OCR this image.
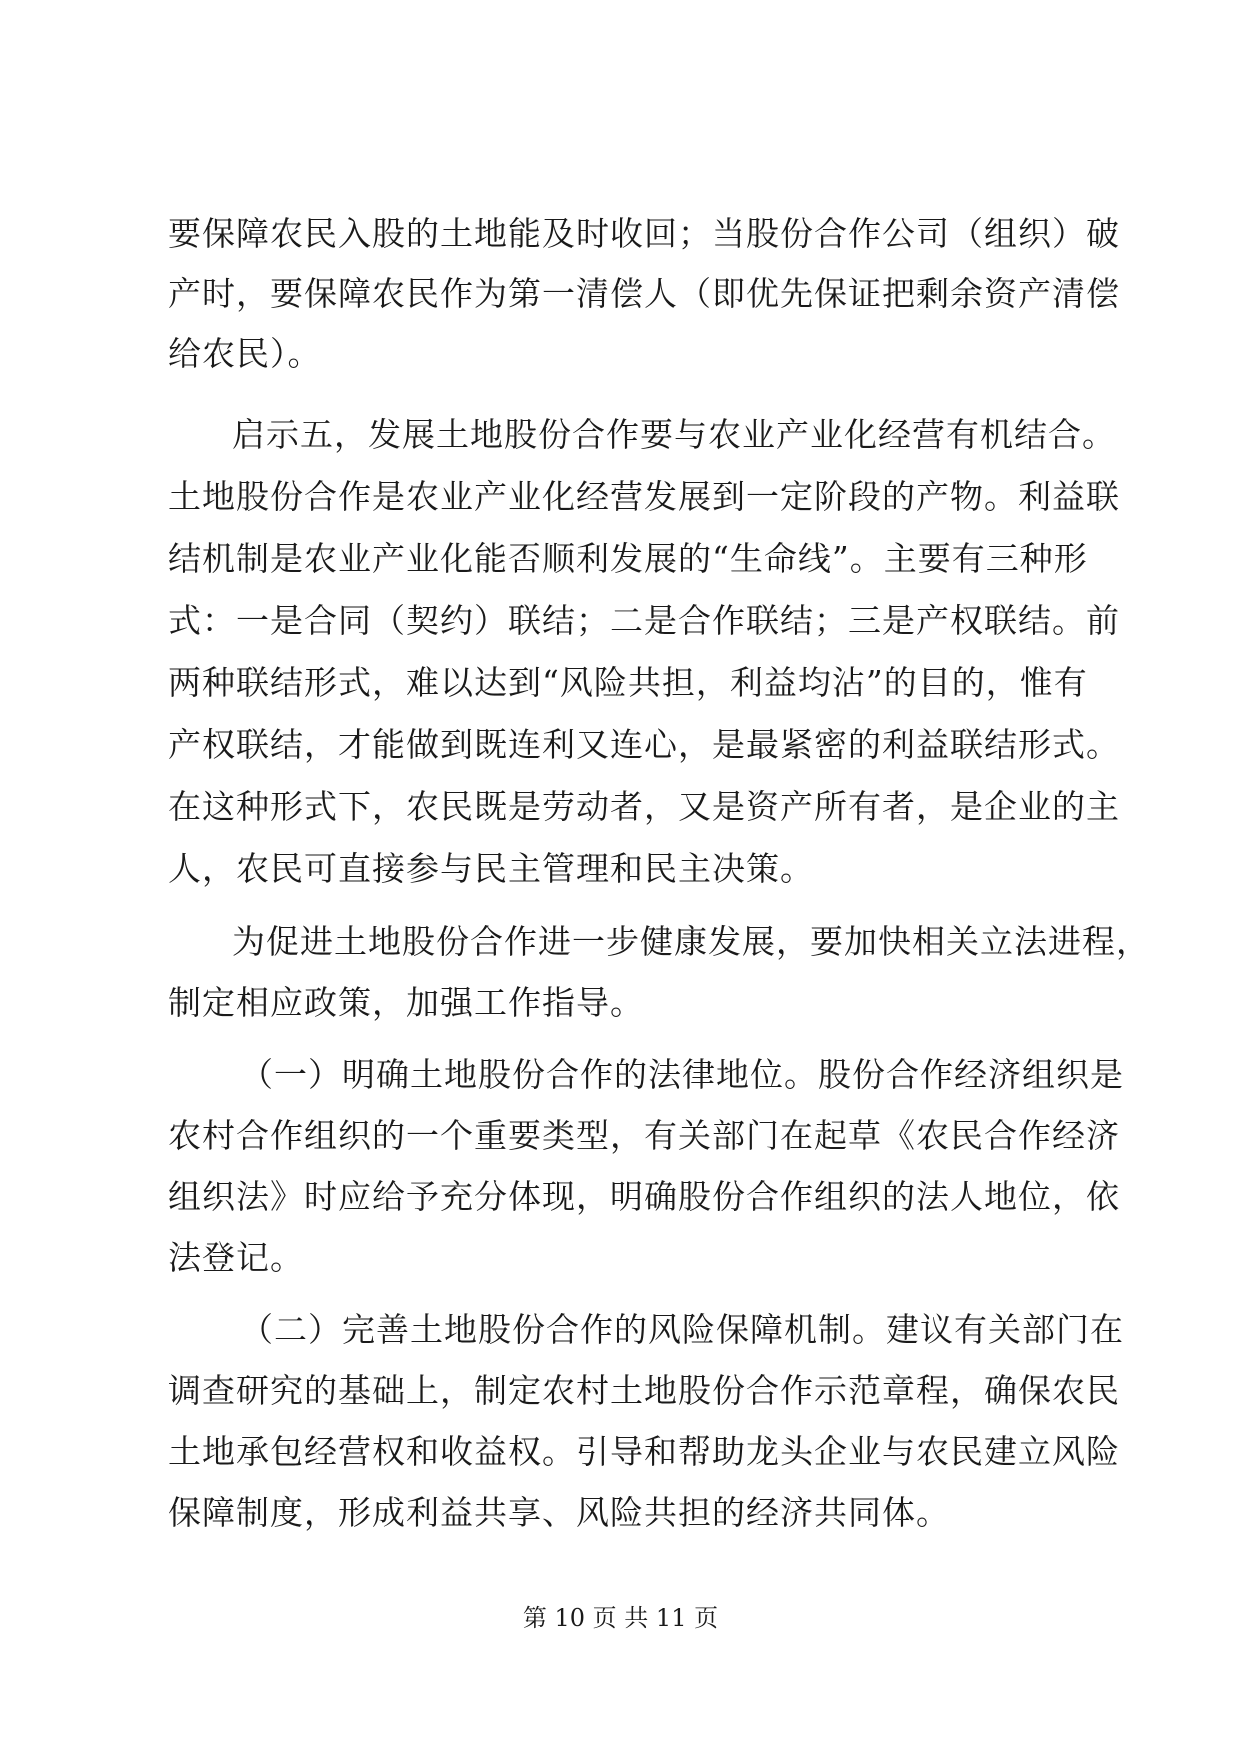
要保障农民入股的土地能及时收回；当股份合作公司（组织）破
产时，要保障农民作为第一清偿人（即优先保证把剩余资产清偿
给农民）。
启示五，发展土地股份合作要与农业产业化经营有机结合。
土地股份合作是农业产业化经营发展到一定阶段的产物。利益联
结机制是农业产业化能否顺利发展的“生命线”。主要有三种形
式：一是合同（契约）联结；二是合作联结；三是产权联结。前
两种联结形式，难以达到“风险共担，利益均沾”的目的，惟有
产权联结，才能做到既连利又连心，是最紧密的利益联结形式。
在这种形式下，农民既是劳动者，又是资产所有者，是企业的主
人，农民可直接参与民主管理和民主决策。
为促进土地股份合作进一步健康发展，要加快相关立法进程，
制定相应政策，加强工作指导。
（一）明确土地股份合作的法律地位。股份合作经济组织是
农村合作组织的一个重要类型，有关部门在起草《农民合作经济
组织法》时应给予充分体现，明确股份合作组织的法人地位，依
法登记。
（二）完善土地股份合作的风险保障机制。建议有关部门在
调查研究的基础上，制定农村土地股份合作示范章程，确保农民
土地承包经营权和收益权。引导和帮助龙头企业与农民建立风险
保障制度，形成利益共享、风险共担的经济共同体。
第 10 页 共 11 页
